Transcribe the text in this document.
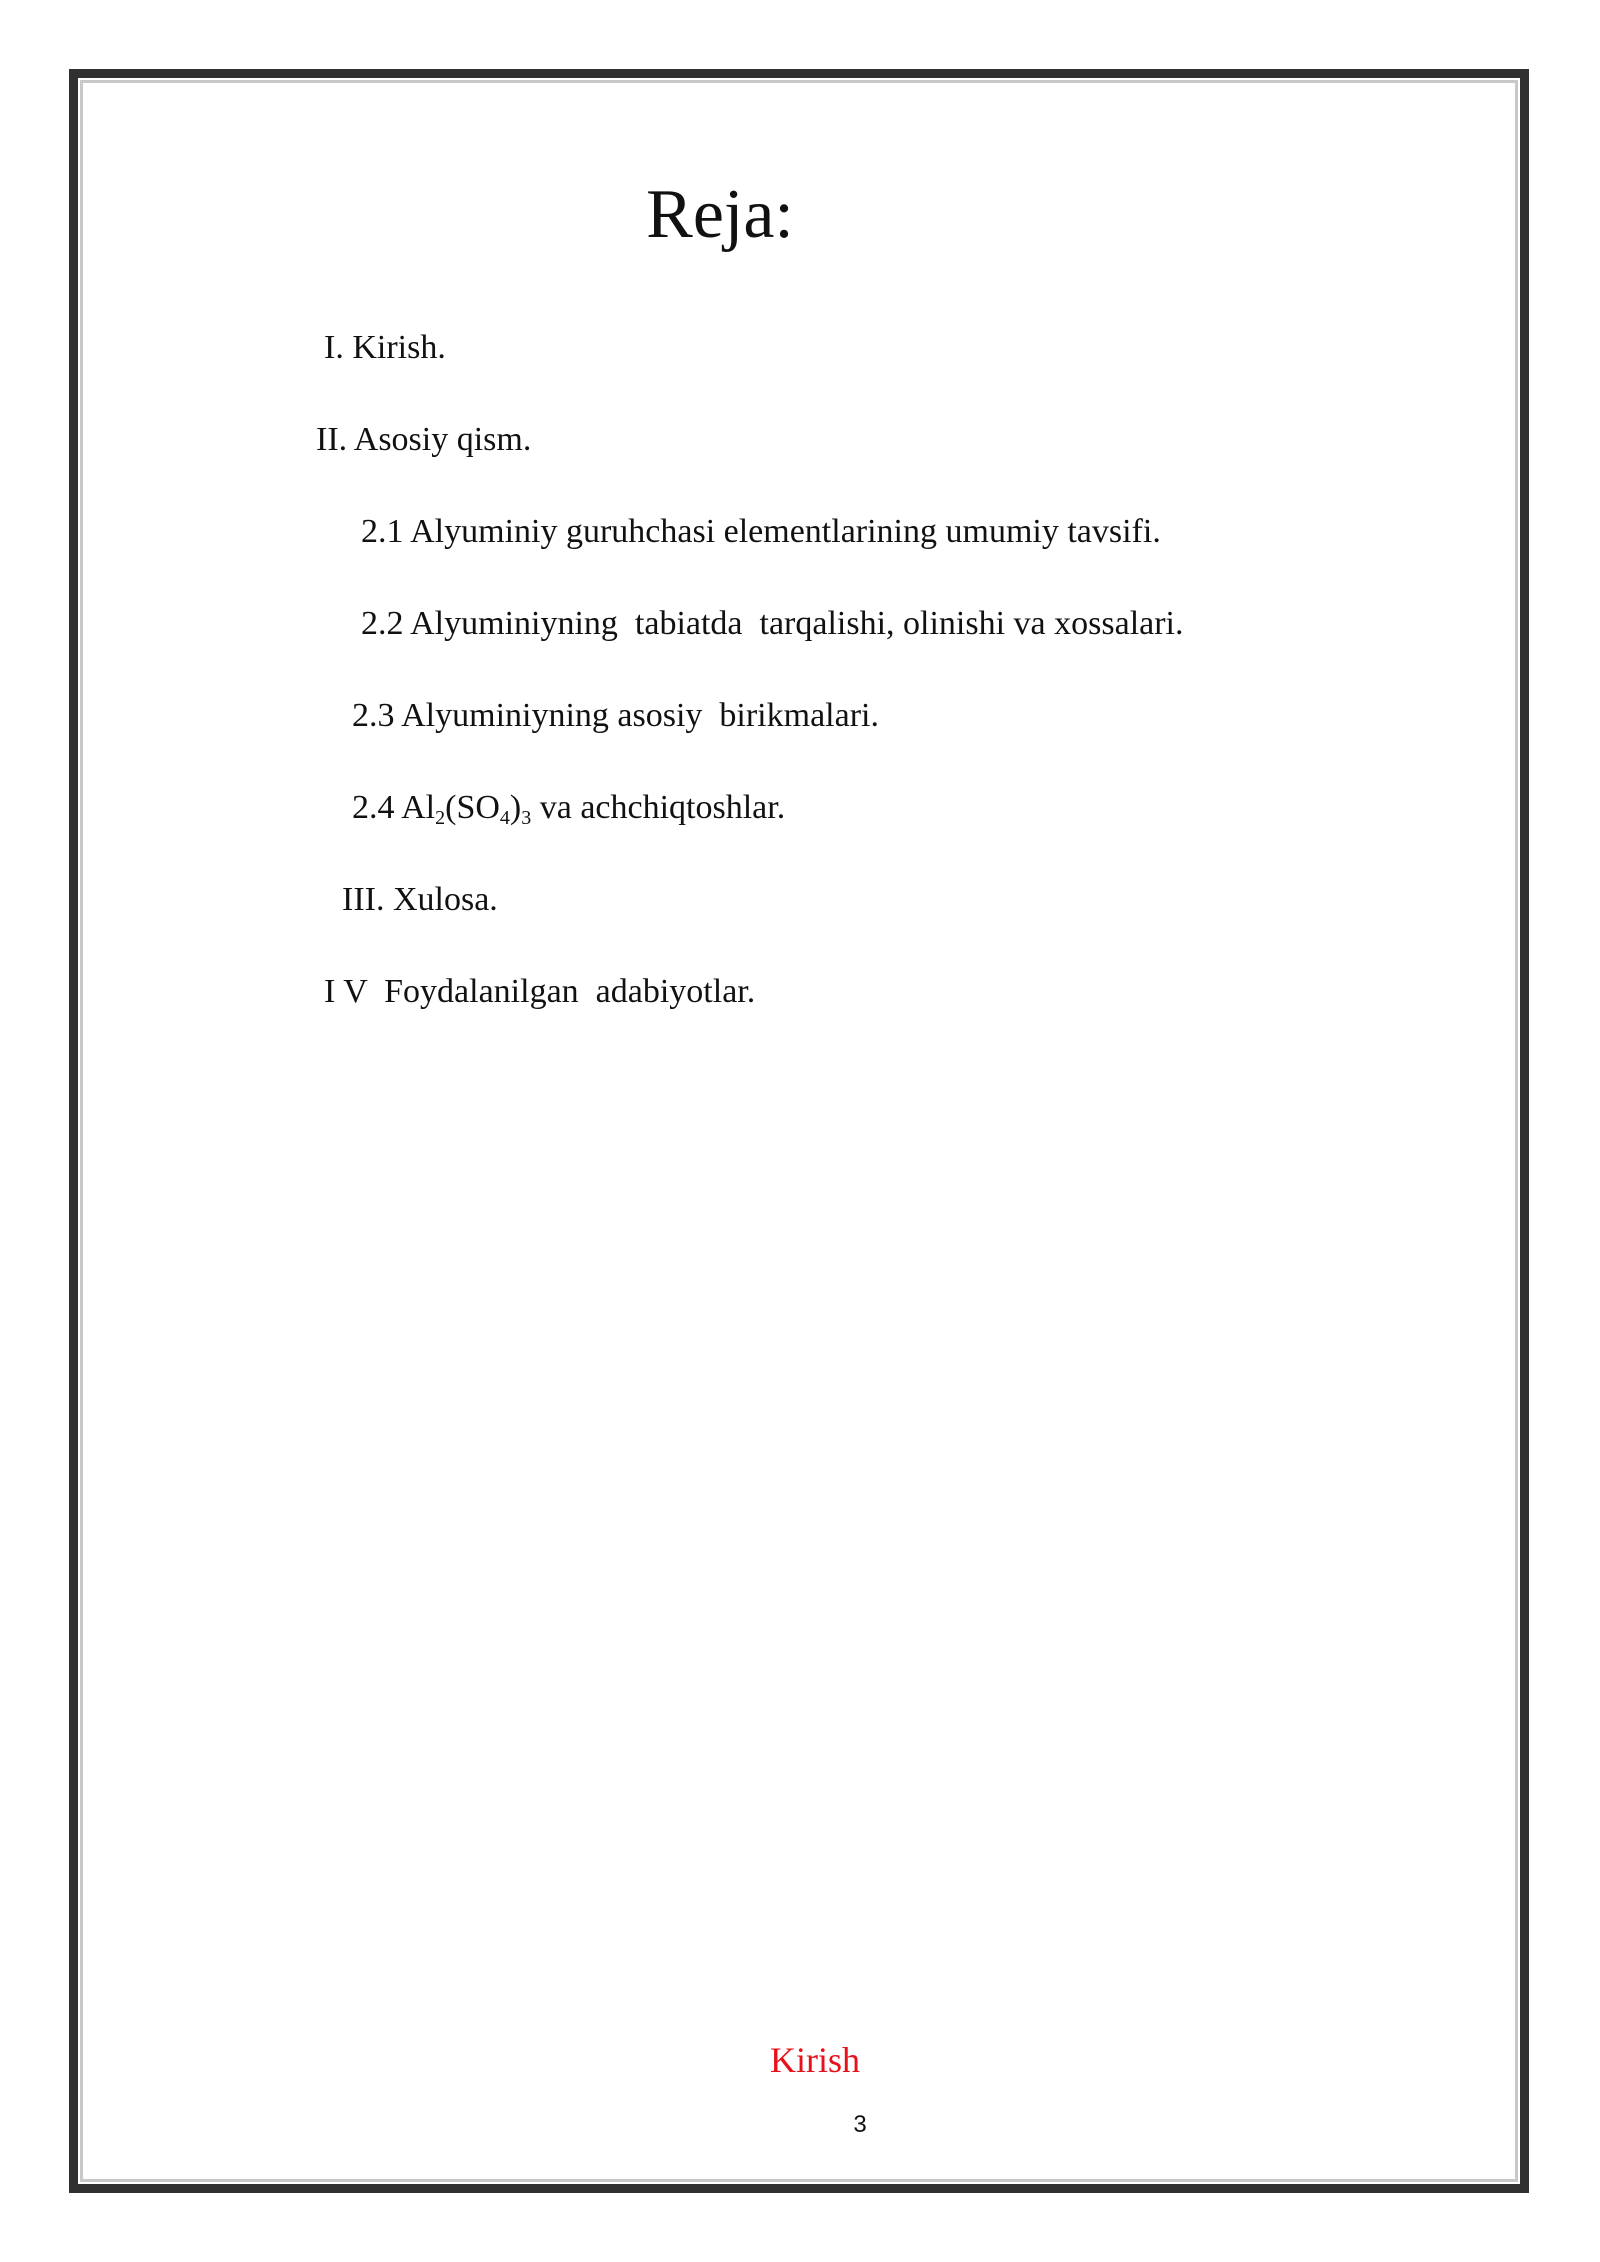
Reja:
I. Kirish.
II. Asosiy qism.
2.1 Alyuminiy guruhchasi elementlarining umumiy tavsifi.
2.2 Alyuminiyning  tabiatda  tarqalishi, olinishi va xossalari.
2.3 Alyuminiyning asosiy  birikmalari.
2.4 $Al_2(SO_4)_3$ va achchiqtoshlar.
III. Xulosa.
I V  Foydalanilgan  adabiyotlar.
Kirish
3
